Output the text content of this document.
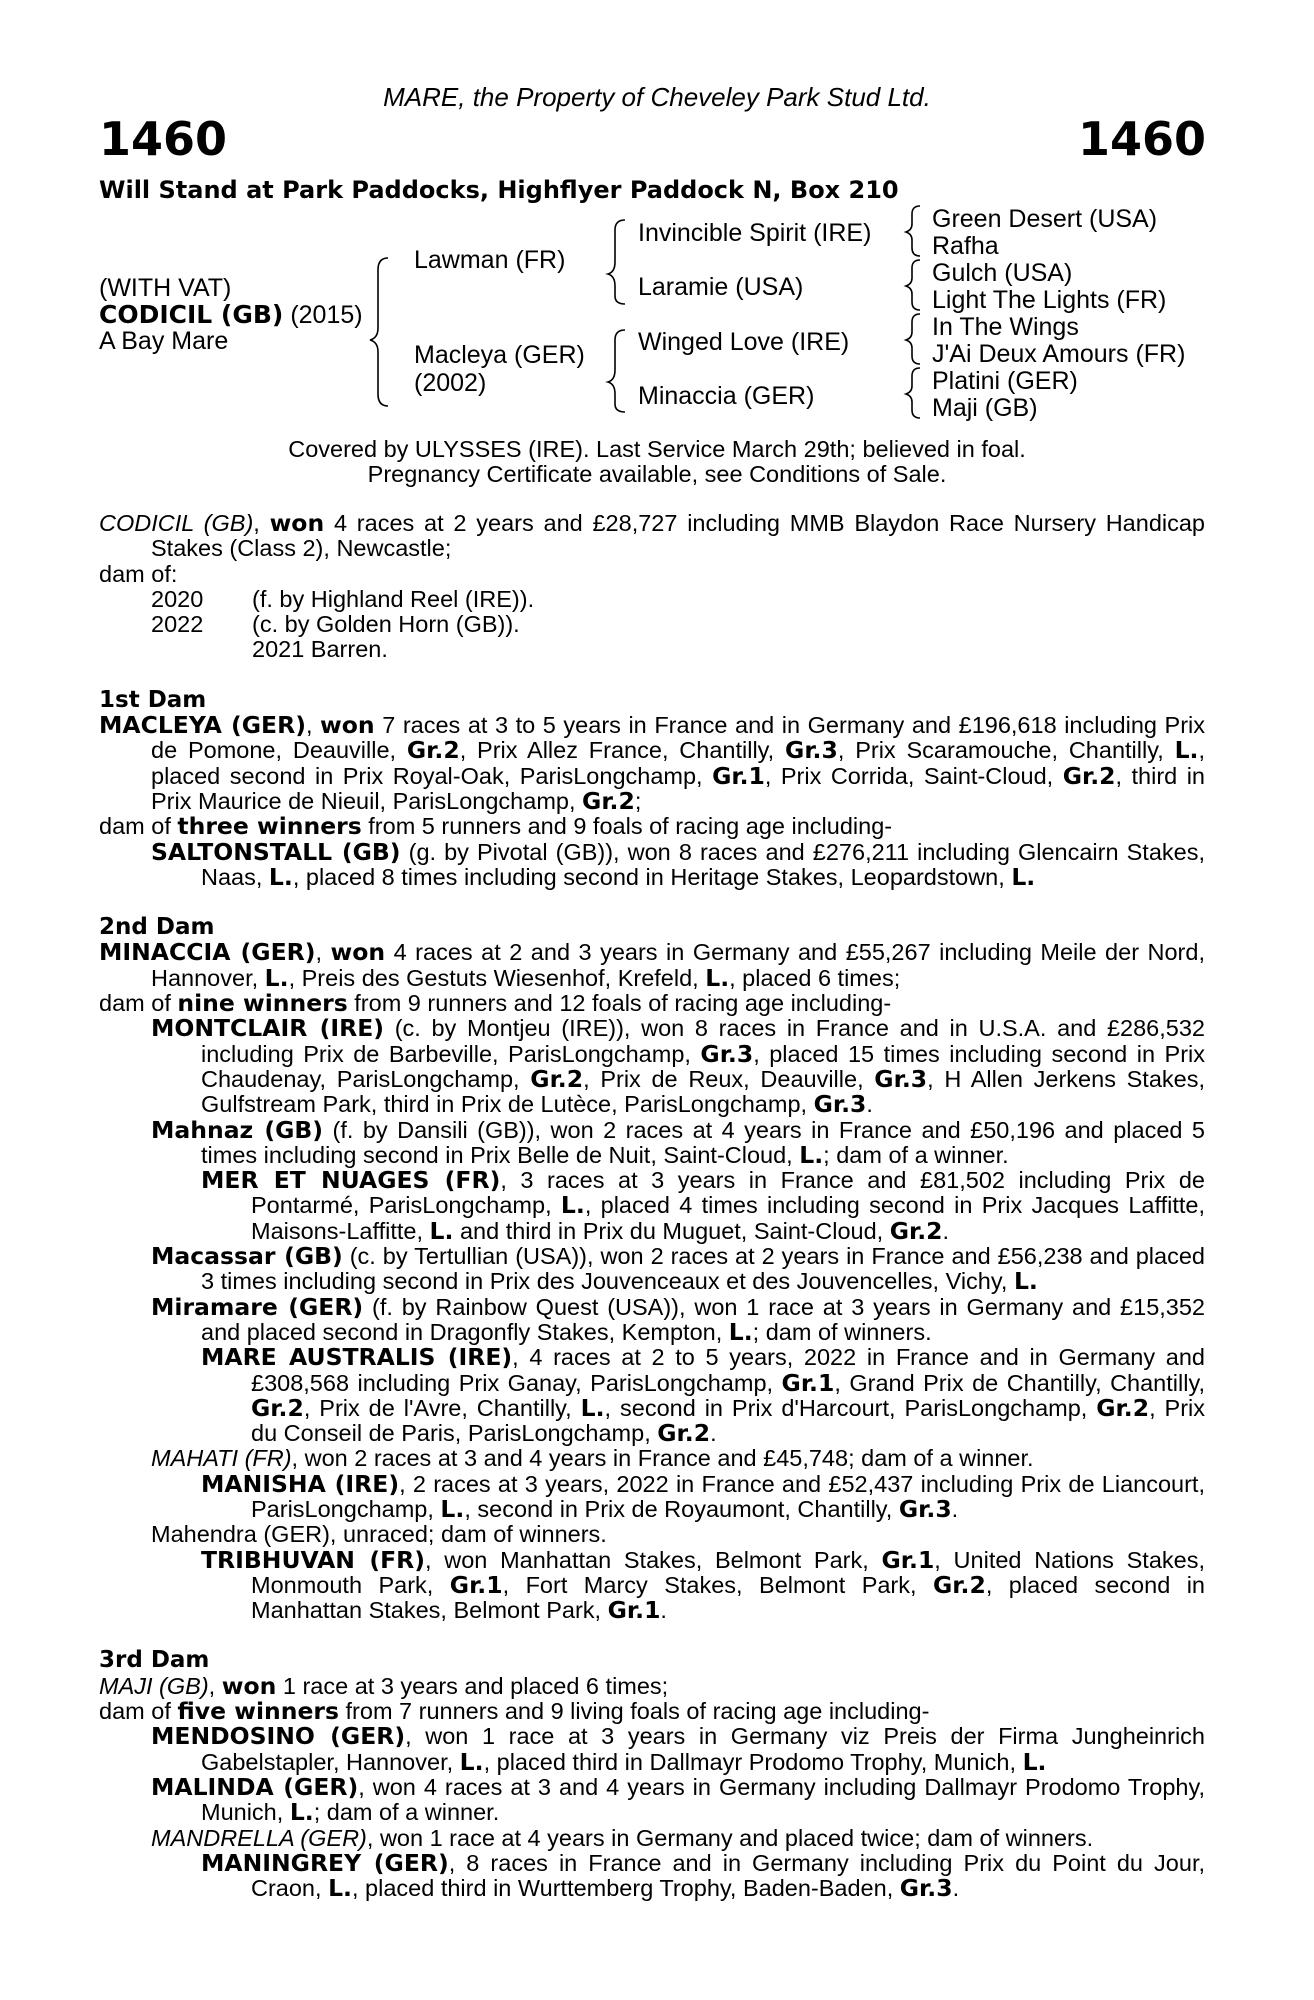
MARE, the Property of Cheveley Park Stud Ltd.
1460	1460
Will Stand at Park Paddocks, Highflyer Paddock N, Box 210
(WITH VAT)
CODICIL (GB) (2015)
A Bay Mare
Lawman (FR)
Macleya (GER)
(2002)
Invincible Spirit (IRE)
Laramie (USA)
Winged Love (IRE)
Minaccia (GER)
Green Desert (USA)
Rafha
Gulch (USA)
Light The Lights (FR)
In The Wings
J'Ai Deux Amours (FR)
Platini (GER)
Maji (GB)
Covered by ULYSSES (IRE). Last Service March 29th; believed in foal.
Pregnancy Certificate available, see Conditions of Sale.

CODICIL (GB), won 4 races at 2 years and £28,727 including MMB Blaydon Race Nursery Handicap Stakes (Class 2), Newcastle;

dam of:

2020	(f. by Highland Reel (IRE)).

2022	(c. by Golden Horn (GB)).

2021 Barren.

1st Dam

MACLEYA (GER), won 7 races at 3 to 5 years in France and in Germany and £196,618 including Prix de Pomone, Deauville, Gr.2, Prix Allez France, Chantilly, Gr.3, Prix Scaramouche, Chantilly, L., placed second in Prix Royal-Oak, ParisLongchamp, Gr.1, Prix Corrida, Saint-Cloud, Gr.2, third in Prix Maurice de Nieuil, ParisLongchamp, Gr.2;

dam of three winners from 5 runners and 9 foals of racing age including-

SALTONSTALL (GB) (g. by Pivotal (GB)), won 8 races and £276,211 including Glencairn Stakes, Naas, L., placed 8 times including second in Heritage Stakes, Leopardstown, L.

2nd Dam

MINACCIA (GER), won 4 races at 2 and 3 years in Germany and £55,267 including Meile der Nord, Hannover, L., Preis des Gestuts Wiesenhof, Krefeld, L., placed 6 times;

dam of nine winners from 9 runners and 12 foals of racing age including-

MONTCLAIR (IRE) (c. by Montjeu (IRE)), won 8 races in France and in U.S.A. and £286,532 including Prix de Barbeville, ParisLongchamp, Gr.3, placed 15 times including second in Prix Chaudenay, ParisLongchamp, Gr.2, Prix de Reux, Deauville, Gr.3, H Allen Jerkens Stakes, Gulfstream Park, third in Prix de Lutèce, ParisLongchamp, Gr.3.

Mahnaz (GB) (f. by Dansili (GB)), won 2 races at 4 years in France and £50,196 and placed 5 times including second in Prix Belle de Nuit, Saint-Cloud, L.; dam of a winner.

MER ET NUAGES (FR), 3 races at 3 years in France and £81,502 including Prix de Pontarmé, ParisLongchamp, L., placed 4 times including second in Prix Jacques Laffitte, Maisons-Laffitte, L. and third in Prix du Muguet, Saint-Cloud, Gr.2.

Macassar (GB) (c. by Tertullian (USA)), won 2 races at 2 years in France and £56,238 and placed 3 times including second in Prix des Jouvenceaux et des Jouvencelles, Vichy, L.

Miramare (GER) (f. by Rainbow Quest (USA)), won 1 race at 3 years in Germany and £15,352 and placed second in Dragonfly Stakes, Kempton, L.; dam of winners.

MARE AUSTRALIS (IRE), 4 races at 2 to 5 years, 2022 in France and in Germany and £308,568 including Prix Ganay, ParisLongchamp, Gr.1, Grand Prix de Chantilly, Chantilly, Gr.2, Prix de l'Avre, Chantilly, L., second in Prix d'Harcourt, ParisLongchamp, Gr.2, Prix du Conseil de Paris, ParisLongchamp, Gr.2.

MAHATI (FR), won 2 races at 3 and 4 years in France and £45,748; dam of a winner.

MANISHA (IRE), 2 races at 3 years, 2022 in France and £52,437 including Prix de Liancourt, ParisLongchamp, L., second in Prix de Royaumont, Chantilly, Gr.3.

Mahendra (GER), unraced; dam of winners.

TRIBHUVAN (FR), won Manhattan Stakes, Belmont Park, Gr.1, United Nations Stakes, Monmouth Park, Gr.1, Fort Marcy Stakes, Belmont Park, Gr.2, placed second in Manhattan Stakes, Belmont Park, Gr.1.

3rd Dam

MAJI (GB), won 1 race at 3 years and placed 6 times;

dam of five winners from 7 runners and 9 living foals of racing age including-

MENDOSINO (GER), won 1 race at 3 years in Germany viz Preis der Firma Jungheinrich Gabelstapler, Hannover, L., placed third in Dallmayr Prodomo Trophy, Munich, L.

MALINDA (GER), won 4 races at 3 and 4 years in Germany including Dallmayr Prodomo Trophy, Munich, L.; dam of a winner.

MANDRELLA (GER), won 1 race at 4 years in Germany and placed twice; dam of winners.

MANINGREY (GER), 8 races in France and in Germany including Prix du Point du Jour, Craon, L., placed third in Wurttemberg Trophy, Baden-Baden, Gr.3.
